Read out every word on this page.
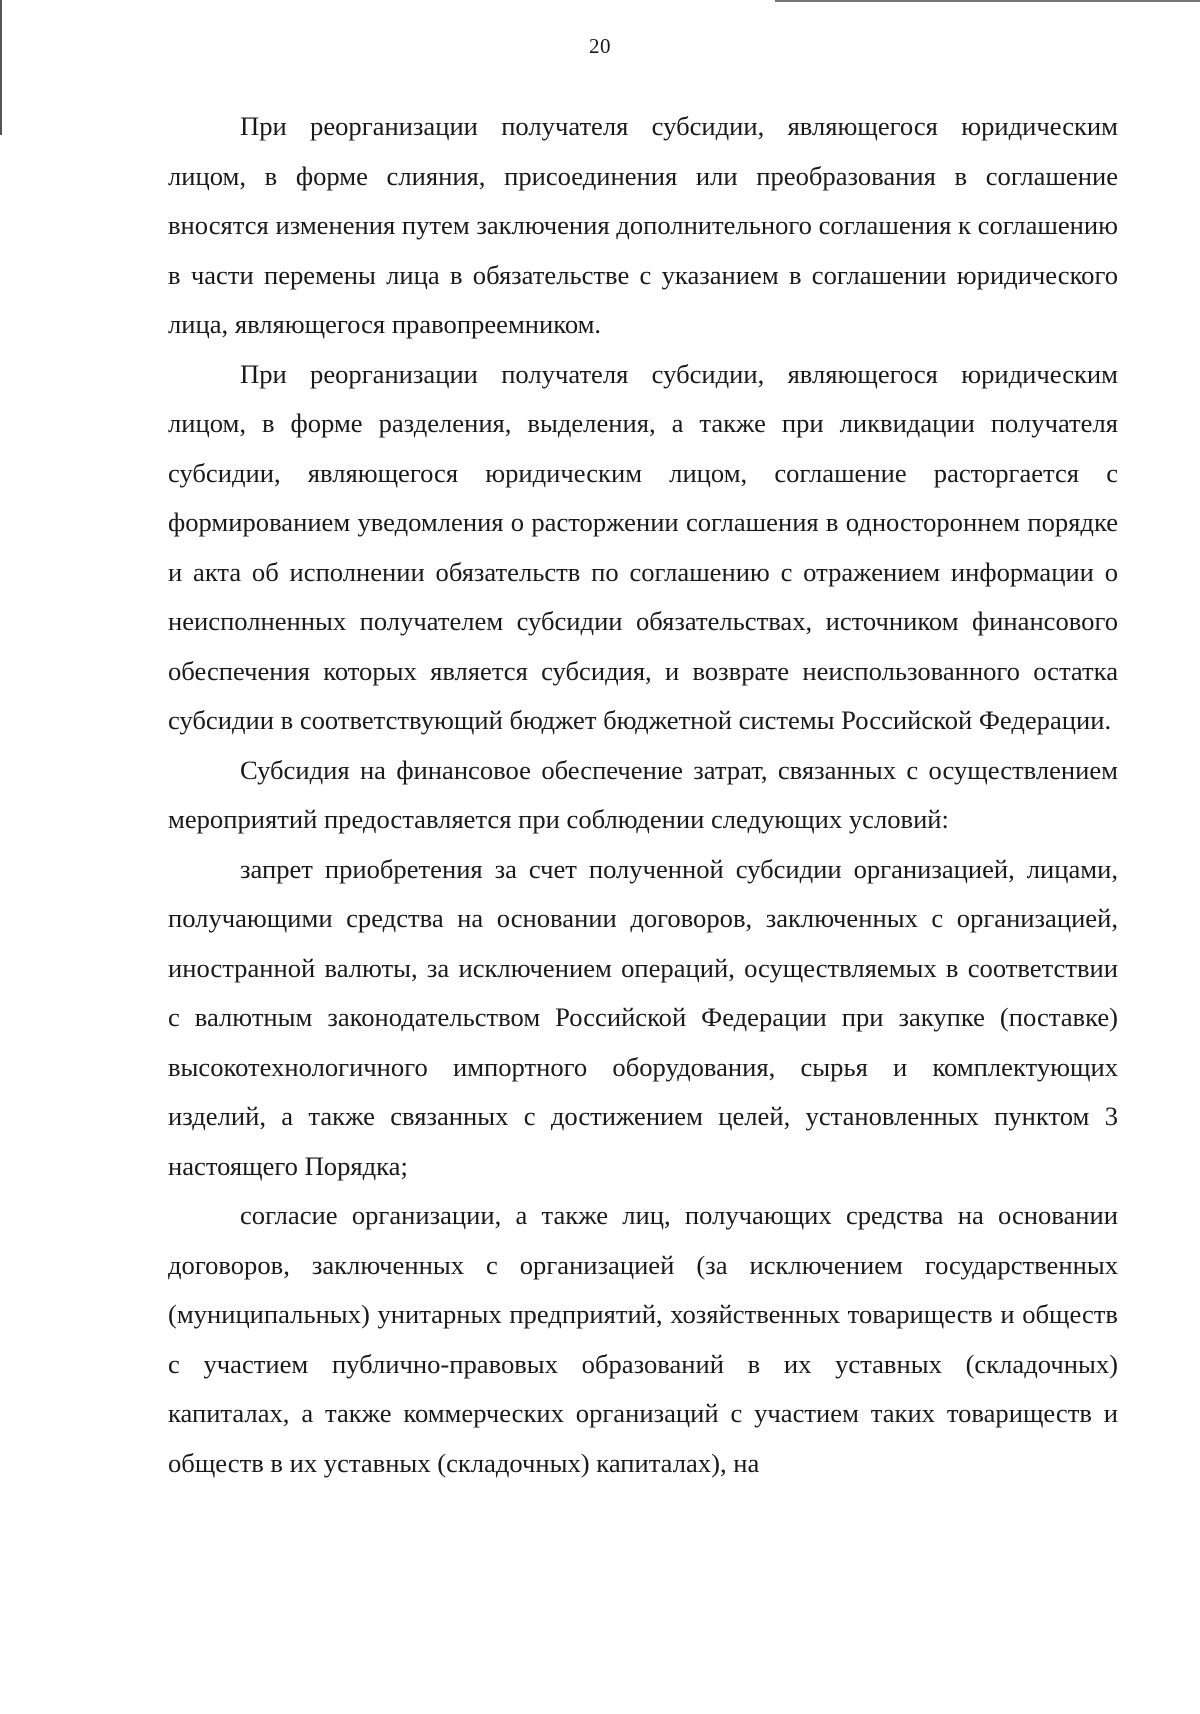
20

При реорганизации получателя субсидии, являющегося юридическим лицом, в форме слияния, присоединения или преобразования в соглашение вносятся изменения путем заключения дополнительного соглашения к соглашению в части перемены лица в обязательстве с указанием в соглашении юридического лица, являющегося правопреемником.

При реорганизации получателя субсидии, являющегося юридическим лицом, в форме разделения, выделения, а также при ликвидации получателя субсидии, являющегося юридическим лицом, соглашение расторгается с формированием уведомления о расторжении соглашения в одностороннем порядке и акта об исполнении обязательств по соглашению с отражением информации о неисполненных получателем субсидии обязательствах, источником финансового обеспечения которых является субсидия, и возврате неиспользованного остатка субсидии в соответствующий бюджет бюджетной системы Российской Федерации.

Субсидия на финансовое обеспечение затрат, связанных с осуществлением мероприятий предоставляется при соблюдении следующих условий:

запрет приобретения за счет полученной субсидии организацией, лицами, получающими средства на основании договоров, заключенных с организацией, иностранной валюты, за исключением операций, осуществляемых в соответствии с валютным законодательством Российской Федерации при закупке (поставке) высокотехнологичного импортного оборудования, сырья и комплектующих изделий, а также связанных с достижением целей, установленных пунктом 3 настоящего Порядка;

согласие организации, а также лиц, получающих средства на основании договоров, заключенных с организацией (за исключением государственных (муниципальных) унитарных предприятий, хозяйственных товариществ и обществ с участием публично-правовых образований в их уставных (складочных) капиталах, а также коммерческих организаций с участием таких товариществ и обществ в их уставных (складочных) капиталах), на
